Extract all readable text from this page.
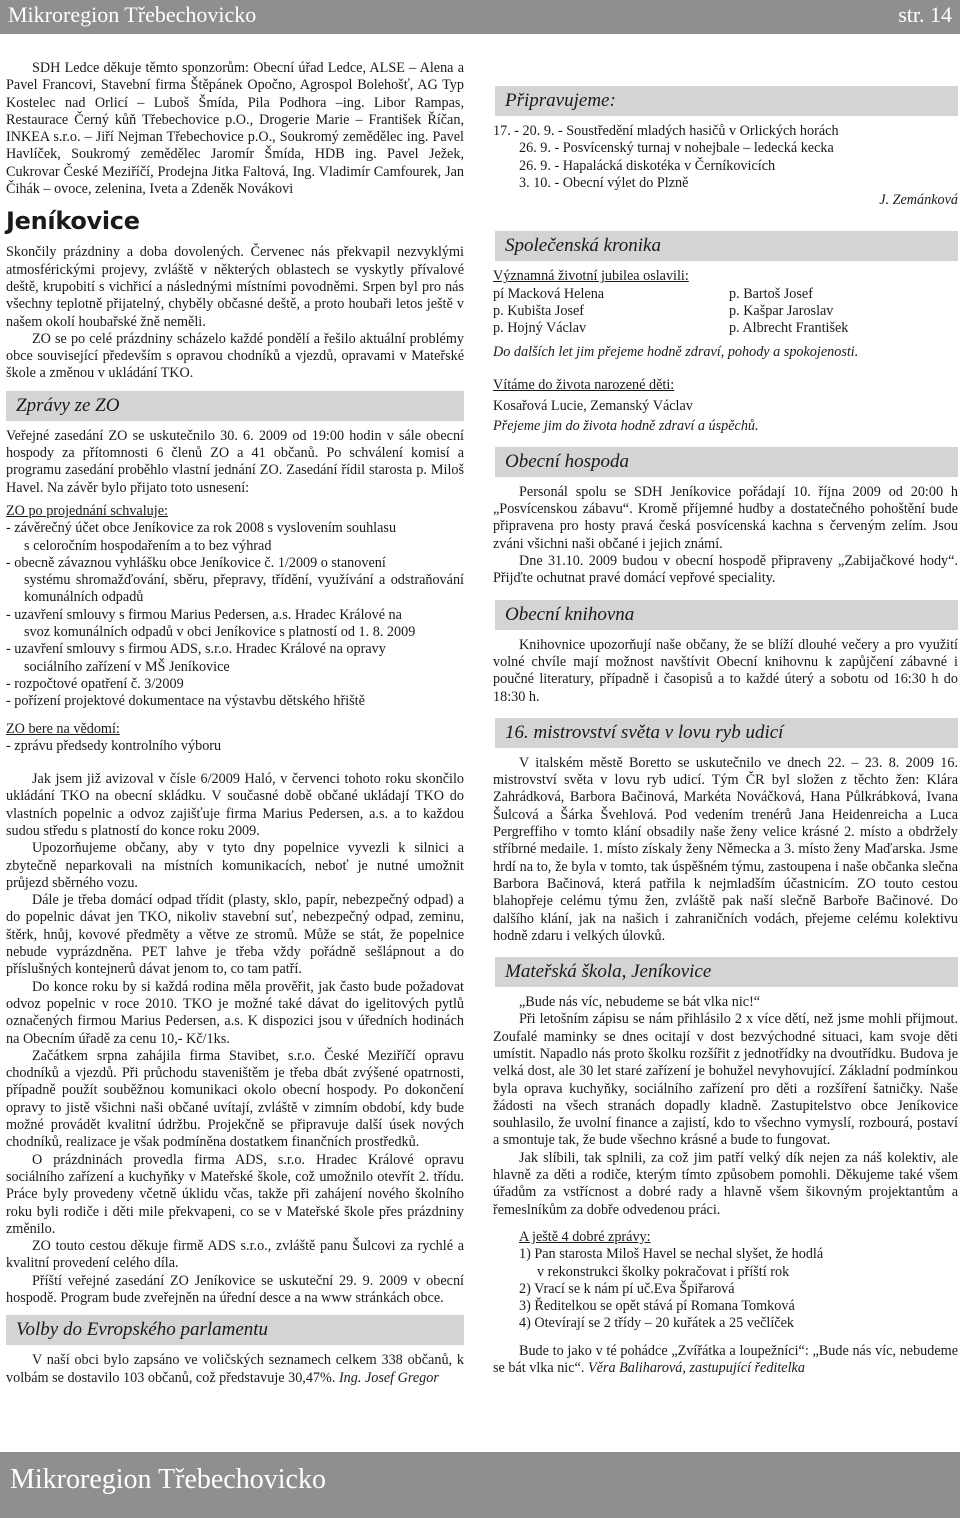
Mikroregion Třebechovicko	str. 14

SDH Ledce děkuje těmto sponzorům: Obecní úřad Ledce, ALSE – Alena a Pavel Francovi, Stavební firma Štěpánek Opočno, Agrospol Bolehošť, AG Typ Kostelec nad Orlicí – Luboš Šmída, Pila Podhora –ing. Libor Rampas, Restaurace Černý kůň Třebechovice p.O., Drogerie Marie – František Říčan, INKEA s.r.o. – Jiří Nejman Třebechovice p.O., Soukromý zemědělec ing. Pavel Havlíček, Soukromý zemědělec Jaromír Šmída, HDB ing. Pavel Ježek, Cukrovar České Meziříčí, Prodejna Jitka Faltová, Ing. Vladimír Camfourek, Jan Čihák – ovoce, zelenina, Iveta a Zdeněk Novákovi

Jeníkovice

Skončily prázdniny a doba dovolených. Červenec nás překvapil nezvyklými atmosférickými projevy, zvláště v některých oblastech se vyskytly přívalové deště, krupobití s vichřicí a následnými místními povodněmi. Srpen byl pro nás všechny teplotně přijatelný, chyběly občasné deště, a proto houbaři letos ještě v našem okolí houbařské žně neměli.

ZO se po celé prázdniny scházelo každé pondělí a řešilo aktuální problémy obce související především s opravou chodníků a vjezdů, opravami v Mateřské škole a změnou v ukládání TKO.

Zprávy ze ZO

Veřejné zasedání ZO se uskutečnilo 30. 6. 2009 od 19:00 hodin v sále obecní hospody za přítomnosti 6 členů ZO a 41 občanů. Po schválení komisí a programu zasedání proběhlo vlastní jednání ZO. Zasedání řídil starosta p. Miloš Havel. Na závěr bylo přijato toto usnesení:

ZO po projednání schvaluje:

- závěrečný účet obce Jeníkovice za rok 2008 s vyslovením souhlasu
s celoročním hospodařením a to bez výhrad
- obecně závaznou vyhlášku obce Jeníkovice č. 1/2009 o stanovení
systému shromažďování, sběru, přepravy, třídění, využívání a odstraňování komunálních odpadů
- uzavření smlouvy s firmou Marius Pedersen, a.s. Hradec Králové na
svoz komunálních odpadů v obci Jeníkovice s platností od 1. 8. 2009
- uzavření smlouvy s firmou ADS, s.r.o. Hradec Králové na opravy
sociálního zařízení v MŠ Jeníkovice
- rozpočtové opatření č. 3/2009
- pořízení projektové dokumentace na výstavbu dětského hřiště

ZO bere na vědomí:

- zprávu předsedy kontrolního výboru

Jak jsem již avizoval v čísle 6/2009 Haló, v červenci tohoto roku skončilo ukládání TKO na obecní skládku. V současné době občané ukládají TKO do vlastních popelnic a odvoz zajišťuje firma Marius Pedersen, a.s. a to každou sudou středu s platností do konce roku 2009.

Upozorňujeme občany, aby v tyto dny popelnice vyvezli k silnici a zbytečně neparkovali na místních komunikacích, neboť je nutné umožnit průjezd sběrného vozu.

Dále je třeba domácí odpad třídit (plasty, sklo, papír, nebezpečný odpad) a do popelnic dávat jen TKO, nikoliv stavební suť, nebezpečný odpad, zeminu, štěrk, hnůj, kovové předměty a větve ze stromů. Může se stát, že popelnice nebude vyprázdněna. PET lahve je třeba vždy pořádně sešlápnout a do příslušných kontejnerů dávat jenom to, co tam patří.

Do konce roku by si každá rodina měla prověřit, jak často bude požadovat odvoz popelnic v roce 2010. TKO je možné také dávat do igelitových pytlů označených firmou Marius Pedersen, a.s. K dispozici jsou v úředních hodinách na Obecním úřadě za cenu 10,- Kč/1ks.

Začátkem srpna zahájila firma Stavibet, s.r.o. České Meziříčí opravu chodníků a vjezdů. Při průchodu staveništěm je třeba dbát zvýšené opatrnosti, případně použít souběžnou komunikaci okolo obecní hospody. Po dokončení opravy to jistě všichni naši občané uvítají, zvláště v zimním období, kdy bude možné provádět kvalitní údržbu. Projekčně se připravuje další úsek nových chodníků, realizace je však podmíněna dostatkem finančních prostředků.

O prázdninách provedla firma ADS, s.r.o. Hradec Králové opravu sociálního zařízení a kuchyňky v Mateřské škole, což umožnilo otevřít 2. třídu. Práce byly provedeny včetně úklidu včas, takže při zahájení nového školního roku byli rodiče i děti mile překvapeni, co se v Mateřské škole přes prázdniny změnilo.

ZO touto cestou děkuje firmě ADS s.r.o., zvláště panu Šulcovi za rychlé a kvalitní provedení celého díla.

Příští veřejné zasedání ZO Jeníkovice se uskuteční 29. 9. 2009 v obecní hospodě. Program bude zveřejněn na úřední desce a na www stránkách obce.

Volby do Evropského parlamentu

V naší obci bylo zapsáno ve voličských seznamech celkem 338 občanů, k volbám se dostavilo 103 občanů, což představuje 30,47%. Ing. Josef Gregor

Připravujeme:
17. - 20. 9. - Soustředění mladých hasičů v Orlických horách
26. 9. - Posvícenský turnaj v nohejbale – ledecká kecka
26. 9. - Hapalácká diskotéka v Černíkovicích
3. 10. - Obecní výlet do Plzně
J. Zemánková
Společenská kronika

Významná životní jubilea oslavili:

pí Macková Helena	p. Bartoš Josef
p. Kubišta Josef	p. Kašpar Jaroslav
p. Hojný Václav	p. Albrecht Františ​ek

Do dalších let jim přejeme hodně zdraví, pohody a spokojenosti.

Vítáme do života narozené děti:

Kosařová Lucie, Zemanský Václav

Přejeme jim do života hodně zdraví a úspěchů.

Obecní hospoda

Personál spolu se SDH Jeníkovice pořádají 10. října 2009 od 20:00 h „Posvícenskou zábavu“. Kromě příjemné hudby a dostatečného pohoštění bude připravena pro hosty pravá česká posvícenská kachna s červeným zelím. Jsou zváni všichni naši občané i jejich známí.

Dne 31.10. 2009 budou v obecní hospodě připraveny „Zabijačkové hody“. Přijďte ochutnat pravé domácí vepřové speciality.

Obecní knihovna

Knihovnice upozorňují naše občany, že se blíží dlouhé večery a pro využití volné chvíle mají možnost navštívit Obecní knihovnu k zapůjčení zábavné i poučné literatury, případně i časopisů a to každé úterý a sobotu od 16:30 h do 18:30 h.

16. mistrovství světa v lovu ryb udicí

V italském městě Boretto se uskutečnilo ve dnech 22. – 23. 8. 2009 16. mistrovství světa v lovu ryb udicí. Tým ČR byl složen z těchto žen: Klára Zahrádková, Barbora Bačinová, Markéta Nováčková, Hana Půlkrábková, Ivana Šulcová a Šárka Švehlová. Pod vedením trenérů Jana Heidenreicha a Luca Pergreffiho v tomto klání obsadily naše ženy velice krásné 2. místo a obdržely stříbrné medaile. 1. místo získaly ženy Německa a 3. místo ženy Maďarska. Jsme hrdí na to, že byla v tomto, tak úspěšném týmu, zastoupena i naše občanka slečna Barbora Bačinová, která patřila k nejmladším účastnicím. ZO touto cestou blahopřeje celému týmu žen, zvláště pak naší slečně Barboře Bačinové. Do dalšího klání, jak na našich i zahraničních vodách, přejeme celému kolektivu hodně zdaru i velkých úlovků.

Mateřská škola, Jeníkovice

„Bude nás víc, nebudeme se bát vlka nic!“

Při letošním zápisu se nám přihlásilo 2 x více dětí, než jsme mohli přijmout. Zoufalé maminky se dnes ocitají v dost bezvýchodné situaci, kam svoje děti umístit. Napadlo nás proto školku rozšířit z jednotřídky na dvoutřídku. Budova je velká dost, ale 30 let staré zařízení je bohužel nevyhovující. Základní podmínkou byla oprava kuchyňky, sociálního zařízení pro děti a rozšíření šatničky. Naše žádosti na všech stranách dopadly kladně. Zastupitelstvo obce Jeníkovice souhlasilo, že uvolní finance a zajistí, kdo to všechno vymyslí, rozbourá, postaví a smontuje tak, že bude všechno krásné a bude to fungovat.

Jak slíbili, tak splnili, za což jim patří velký dík nejen za náš kolektiv, ale hlavně za děti a rodiče, kterým tímto způsobem pomohli. Děkujeme také všem úřadům za vstřícnost a dobré rady a hlavně všem šikovným projektantům a řemeslníkům za dobře odvedenou práci.

A ještě 4 dobré zprávy:

1) Pan starosta Miloš Havel se nechal slyšet, že hodlá
v rekonstrukci školky pokračovat i příští rok
2) Vrací se k nám pí uč.Eva Špiřarová
3) Ředitelkou se opět stává pí Romana Tomková
4) Otevírají se 2 třídy – 20 kuřátek a 25 večlíček

Bude to jako v té pohádce „Zvířátka a loupežníci“: „Bude nás víc, nebudeme se bát vlka nic“. Věra Baliharová, zastupující ředitelka

Mikroregion Třebechovicko
